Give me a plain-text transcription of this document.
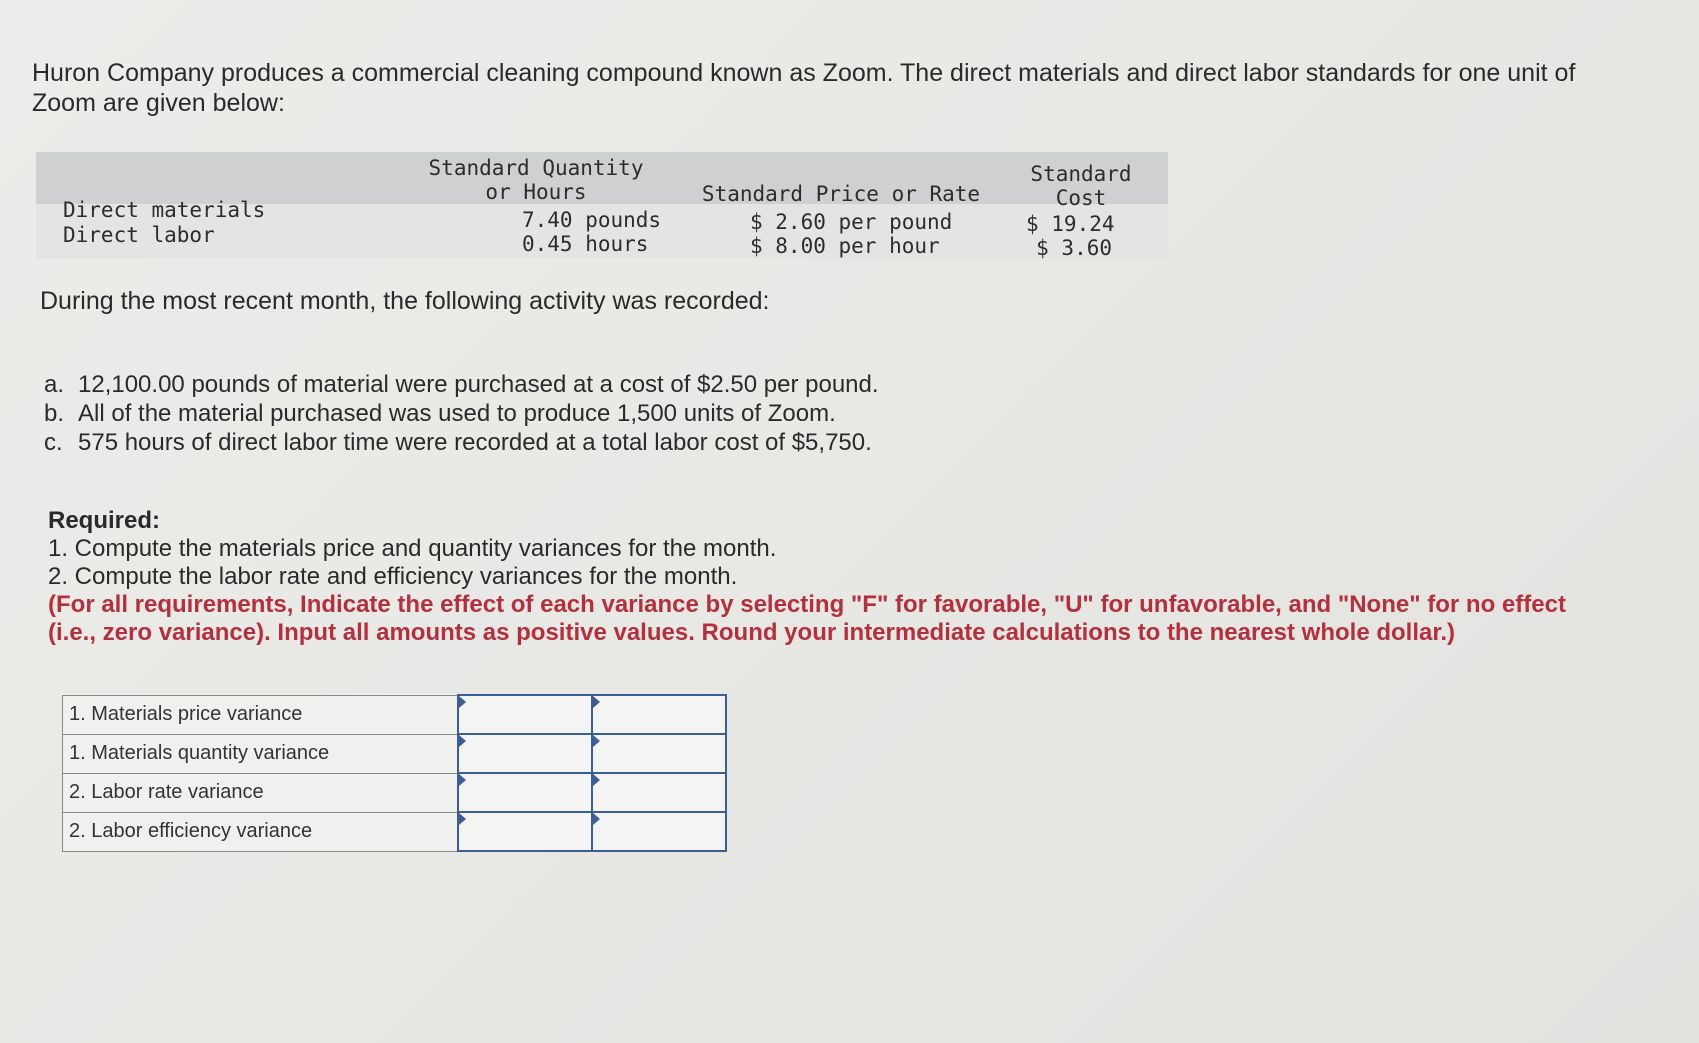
Huron Company produces a commercial cleaning compound known as Zoom. The direct materials and direct labor standards for one unit of Zoom are given below:

Standard Quantity
or Hours	Standard Price or Rate
Standard
Cost
Direct materials	7.40 pounds	$ 2.60 per pound	$ 19.24
Direct labor	0.45 hours	$ 8.00 per hour	$ 3.60
During the most recent month, the following activity was recorded:
a. 12,100.00 pounds of material were purchased at a cost of $2.50 per pound.
b. All of the material purchased was used to produce 1,500 units of Zoom.
c. 575 hours of direct labor time were recorded at a total labor cost of $5,750.
Required:
1. Compute the materials price and quantity variances for the month.
2. Compute the labor rate and efficiency variances for the month.
(For all requirements, Indicate the effect of each variance by selecting "F" for favorable, "U" for unfavorable, and "None" for no effect (i.e., zero variance). Input all amounts as positive values. Round your intermediate calculations to the nearest whole dollar.)
1. Materials price variance	

1. Materials quantity variance	

2. Labor rate variance	

2. Labor efficiency variance	
